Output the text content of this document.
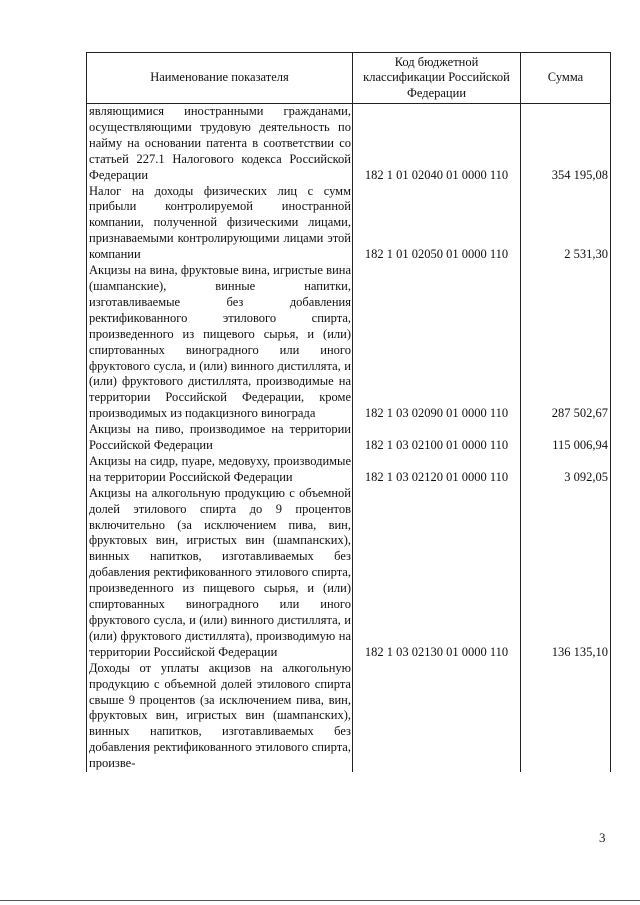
Наименование показателя	Код бюджетной классификации Российской Федерации	Сумма
являющимися иностранными гражданами, осуществляющими трудовую деятельность по найму на основании патента в соответствии со статьей 227.1 Налогового кодекса Российской Федерации	182 1 01 02040 01 0000 110	354 195,08
Налог на доходы физических лиц с сумм прибыли контролируемой иностранной компании, полученной физическими лицами, признаваемыми контролирующими лицами этой компании	182 1 01 02050 01 0000 110	2 531,30
Акцизы на вина, фруктовые вина, игристые вина (шампанские), винные напитки, изготавливаемые без добавления ректификованного этилового спирта, произведенного из пищевого сырья, и (или) спиртованных виноградного или иного фруктового сусла, и (или) винного дистиллята, и (или) фруктового дистиллята, производимые на территории Российской Федерации, кроме производимых из подакцизного винограда	182 1 03 02090 01 0000 110	287 502,67
Акцизы на пиво, производимое на территории Российской Федерации	182 1 03 02100 01 0000 110	115 006,94
Акцизы на сидр, пуаре, медовуху, производимые на территории Российской Федерации	182 1 03 02120 01 0000 110	3 092,05
Акцизы на алкогольную продукцию с объемной долей этилового спирта до 9 процентов включительно (за исключением пива, вин, фруктовых вин, игристых вин (шампанских), винных напитков, изготавливаемых без добавления ректификованного этилового спирта, произведенного из пищевого сырья, и (или) спиртованных виноградного или иного фруктового сусла, и (или) винного дистиллята, и (или) фруктового дистиллята), производимую на территории Российской Федерации	182 1 03 02130 01 0000 110	136 135,10
Доходы от уплаты акцизов на алкогольную продукцию с объемной долей этилового спирта свыше 9 процентов (за исключением пива, вин, фруктовых вин, игристых вин (шампанских), винных напитков, изготавливаемых без добавления ректификованного этилового спирта, произве-		
3
